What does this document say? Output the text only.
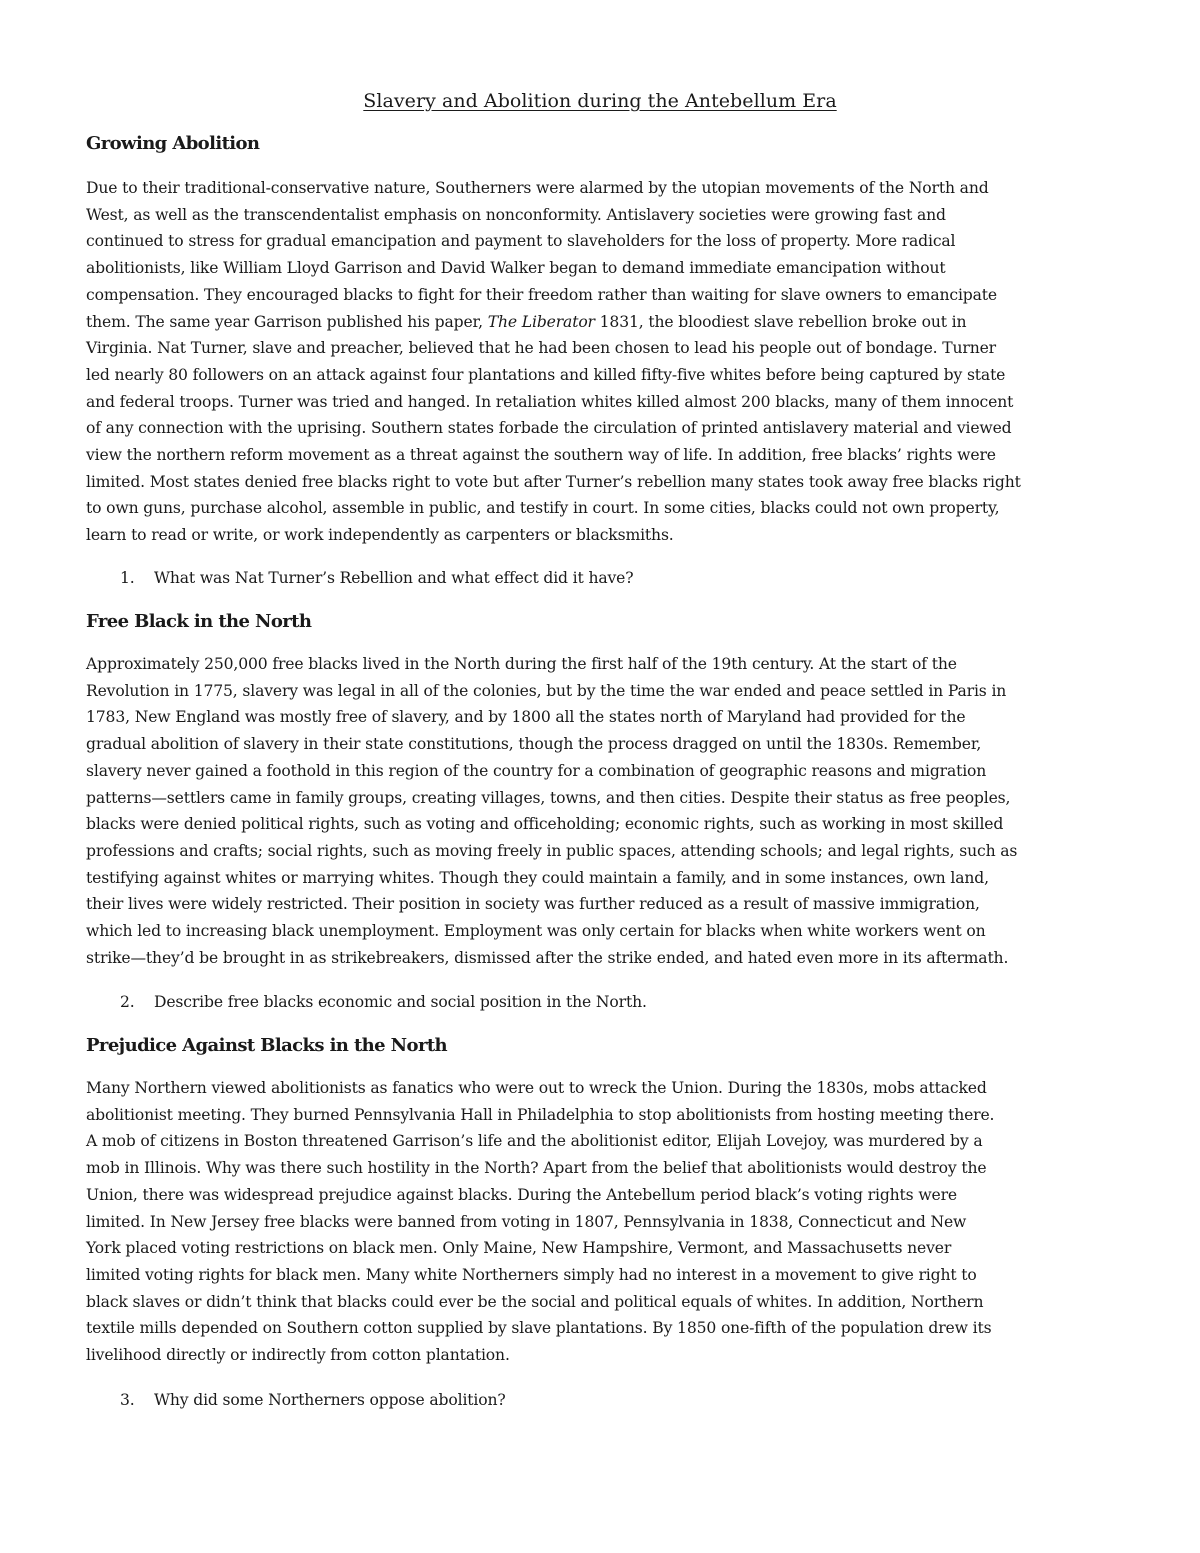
Slavery and Abolition during the Antebellum Era
Growing Abolition
Due to their traditional-conservative nature, Southerners were alarmed by the utopian movements of the North and
West, as well as the transcendentalist emphasis on nonconformity. Antislavery societies were growing fast and
continued to stress for gradual emancipation and payment to slaveholders for the loss of property. More radical
abolitionists, like William Lloyd Garrison and David Walker began to demand immediate emancipation without
compensation. They encouraged blacks to fight for their freedom rather than waiting for slave owners to emancipate
them. The same year Garrison published his paper, The Liberator 1831, the bloodiest slave rebellion broke out in
Virginia. Nat Turner, slave and preacher, believed that he had been chosen to lead his people out of bondage. Turner
led nearly 80 followers on an attack against four plantations and killed fifty-five whites before being captured by state
and federal troops. Turner was tried and hanged. In retaliation whites killed almost 200 blacks, many of them innocent
of any connection with the uprising. Southern states forbade the circulation of printed antislavery material and viewed
view the northern reform movement as a threat against the southern way of life. In addition, free blacks’ rights were
limited. Most states denied free blacks right to vote but after Turner’s rebellion many states took away free blacks right
to own guns, purchase alcohol, assemble in public, and testify in court. In some cities, blacks could not own property,
learn to read or write, or work independently as carpenters or blacksmiths.

1. What was Nat Turner’s Rebellion and what effect did it have?

Free Black in the North
Approximately 250,000 free blacks lived in the North during the first half of the 19th century. At the start of the
Revolution in 1775, slavery was legal in all of the colonies, but by the time the war ended and peace settled in Paris in
1783, New England was mostly free of slavery, and by 1800 all the states north of Maryland had provided for the
gradual abolition of slavery in their state constitutions, though the process dragged on until the 1830s. Remember,
slavery never gained a foothold in this region of the country for a combination of geographic reasons and migration
patterns—settlers came in family groups, creating villages, towns, and then cities. Despite their status as free peoples,
blacks were denied political rights, such as voting and officeholding; economic rights, such as working in most skilled
professions and crafts; social rights, such as moving freely in public spaces, attending schools; and legal rights, such as
testifying against whites or marrying whites. Though they could maintain a family, and in some instances, own land,
their lives were widely restricted. Their position in society was further reduced as a result of massive immigration,
which led to increasing black unemployment. Employment was only certain for blacks when white workers went on
strike—they’d be brought in as strikebreakers, dismissed after the strike ended, and hated even more in its aftermath.

2. Describe free blacks economic and social position in the North.

Prejudice Against Blacks in the North
Many Northern viewed abolitionists as fanatics who were out to wreck the Union. During the 1830s, mobs attacked
abolitionist meeting. They burned Pennsylvania Hall in Philadelphia to stop abolitionists from hosting meeting there.
A mob of citizens in Boston threatened Garrison’s life and the abolitionist editor, Elijah Lovejoy, was murdered by a
mob in Illinois. Why was there such hostility in the North? Apart from the belief that abolitionists would destroy the
Union, there was widespread prejudice against blacks. During the Antebellum period black’s voting rights were
limited. In New Jersey free blacks were banned from voting in 1807, Pennsylvania in 1838, Connecticut and New
York placed voting restrictions on black men. Only Maine, New Hampshire, Vermont, and Massachusetts never
limited voting rights for black men. Many white Northerners simply had no interest in a movement to give right to
black slaves or didn’t think that blacks could ever be the social and political equals of whites. In addition, Northern
textile mills depended on Southern cotton supplied by slave plantations. By 1850 one-fifth of the population drew its
livelihood directly or indirectly from cotton plantation.

3. Why did some Northerners oppose abolition?
